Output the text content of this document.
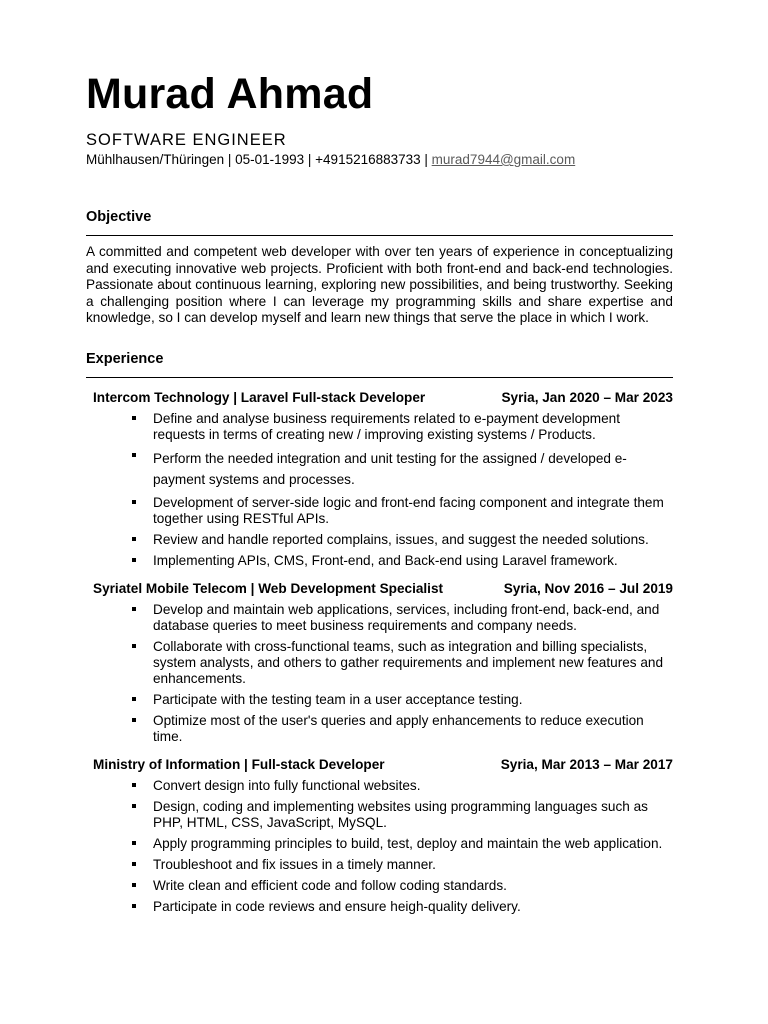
Murad Ahmad
SOFTWARE ENGINEER
Mühlhausen/Thüringen | 05-01-1993 | +4915216883733 | murad7944@gmail.com
Objective
A committed and competent web developer with over ten years of experience in conceptualizing and executing innovative web projects. Proficient with both front-end and back-end technologies. Passionate about continuous learning, exploring new possibilities, and being trustworthy. Seeking a challenging position where I can leverage my programming skills and share expertise and knowledge, so I can develop myself and learn new things that serve the place in which I work.
Experience
Intercom Technology | Laravel Full-stack Developer	Syria, Jan 2020 – Mar 2023
Define and analyse business requirements related to e-payment development requests in terms of creating new / improving existing systems / Products.
Perform the needed integration and unit testing for the assigned / developed e-payment systems and processes.
Development of server-side logic and front-end facing component and integrate them together using RESTful APIs.
Review and handle reported complains, issues, and suggest the needed solutions.
Implementing APIs, CMS, Front-end, and Back-end using Laravel framework.
Syriatel Mobile Telecom | Web Development Specialist	Syria, Nov 2016 – Jul 2019
Develop and maintain web applications, services, including front-end, back-end, and database queries to meet business requirements and company needs.
Collaborate with cross-functional teams, such as integration and billing specialists, system analysts, and others to gather requirements and implement new features and enhancements.
Participate with the testing team in a user acceptance testing.
Optimize most of the user's queries and apply enhancements to reduce execution time.
Ministry of Information | Full-stack Developer	Syria, Mar 2013 – Mar 2017
Convert design into fully functional websites.
Design, coding and implementing websites using programming languages such as PHP, HTML, CSS, JavaScript, MySQL.
Apply programming principles to build, test, deploy and maintain the web application.
Troubleshoot and fix issues in a timely manner.
Write clean and efficient code and follow coding standards.
Participate in code reviews and ensure heigh-quality delivery.
